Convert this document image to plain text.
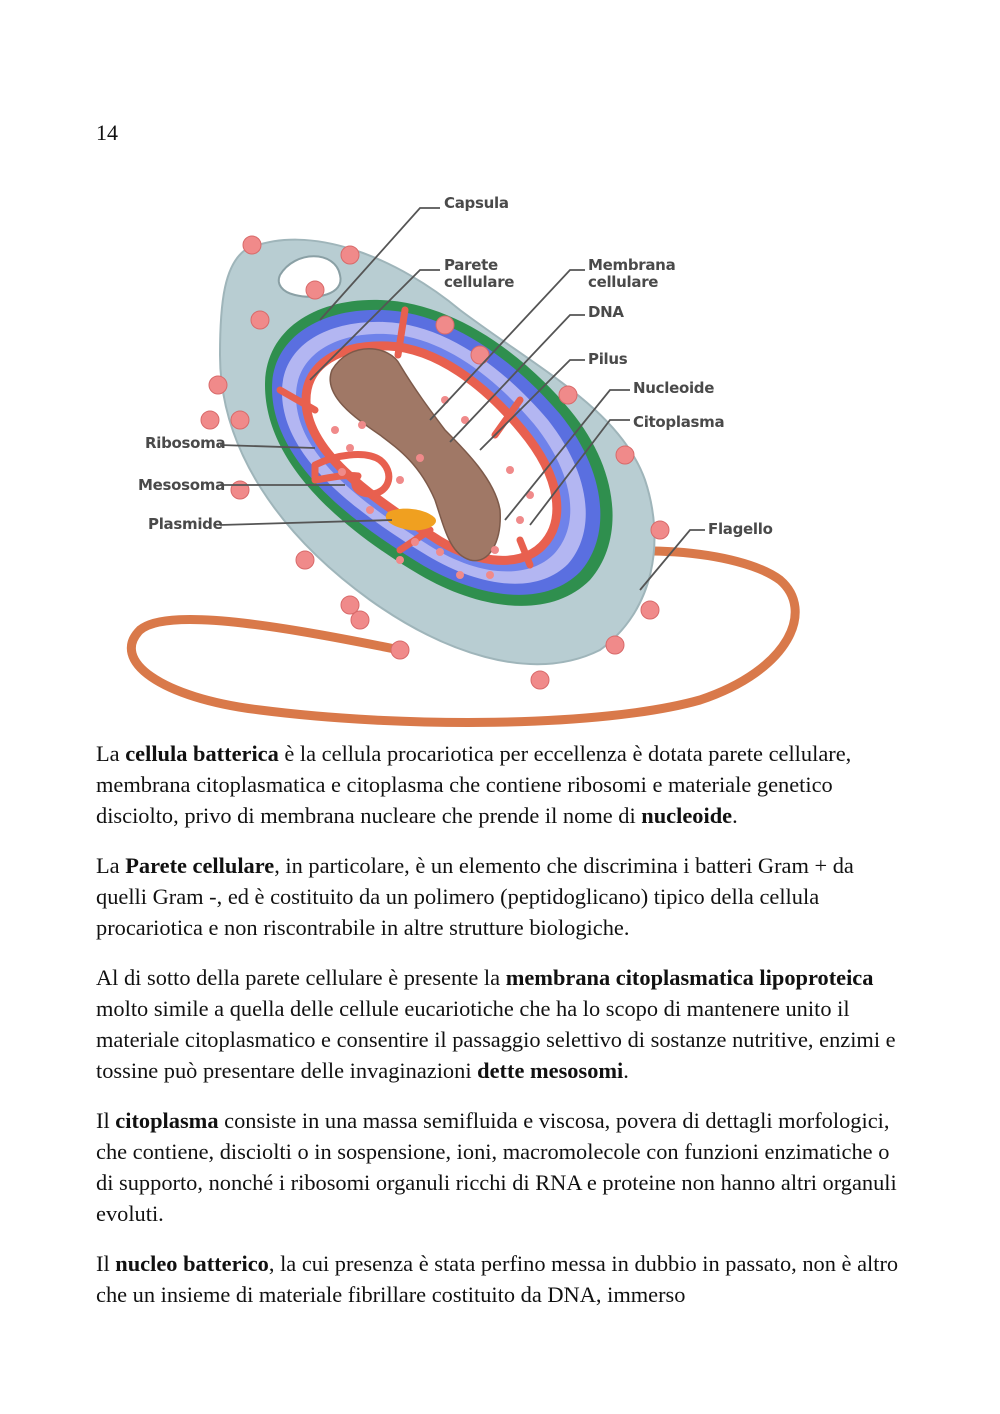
14
Capsula
Parete
cellulare
Membrana
cellulare
DNA
Pilus
Nucleoide
Citoplasma
Ribosoma
Mesosoma
Plasmide	Flagello

La cellula batterica è la cellula procariotica per eccellenza è dotata parete cellulare, membrana citoplasmatica e citoplasma che contiene ribosomi e materiale genetico disciolto, privo di membrana nucleare che prende il nome di nucleoide.

La Parete cellulare, in particolare, è un elemento che discrimina i batteri Gram + da quelli Gram -, ed è costituito da un polimero (peptidoglicano) tipico della cellula procariotica e non riscontrabile in altre strutture biologiche.

Al di sotto della parete cellulare è presente la membrana citoplasmatica lipoproteica molto simile a quella delle cellule eucariotiche che ha lo scopo di mantenere unito il materiale citoplasmatico e consentire il passaggio selettivo di sostanze nutritive, enzimi e tossine può presentare delle invaginazioni dette mesosomi.

Il citoplasma consiste in una massa semifluida e viscosa, povera di dettagli morfologici, che contiene, disciolti o in sospensione, ioni, macromolecole con funzioni enzimatiche o di supporto, nonché i ribosomi organuli ricchi di RNA e proteine non hanno altri organuli evoluti.

Il nucleo batterico, la cui presenza è stata perfino messa in dubbio in passato, non è altro che un insieme di materiale fibrillare costituito da DNA, immerso
